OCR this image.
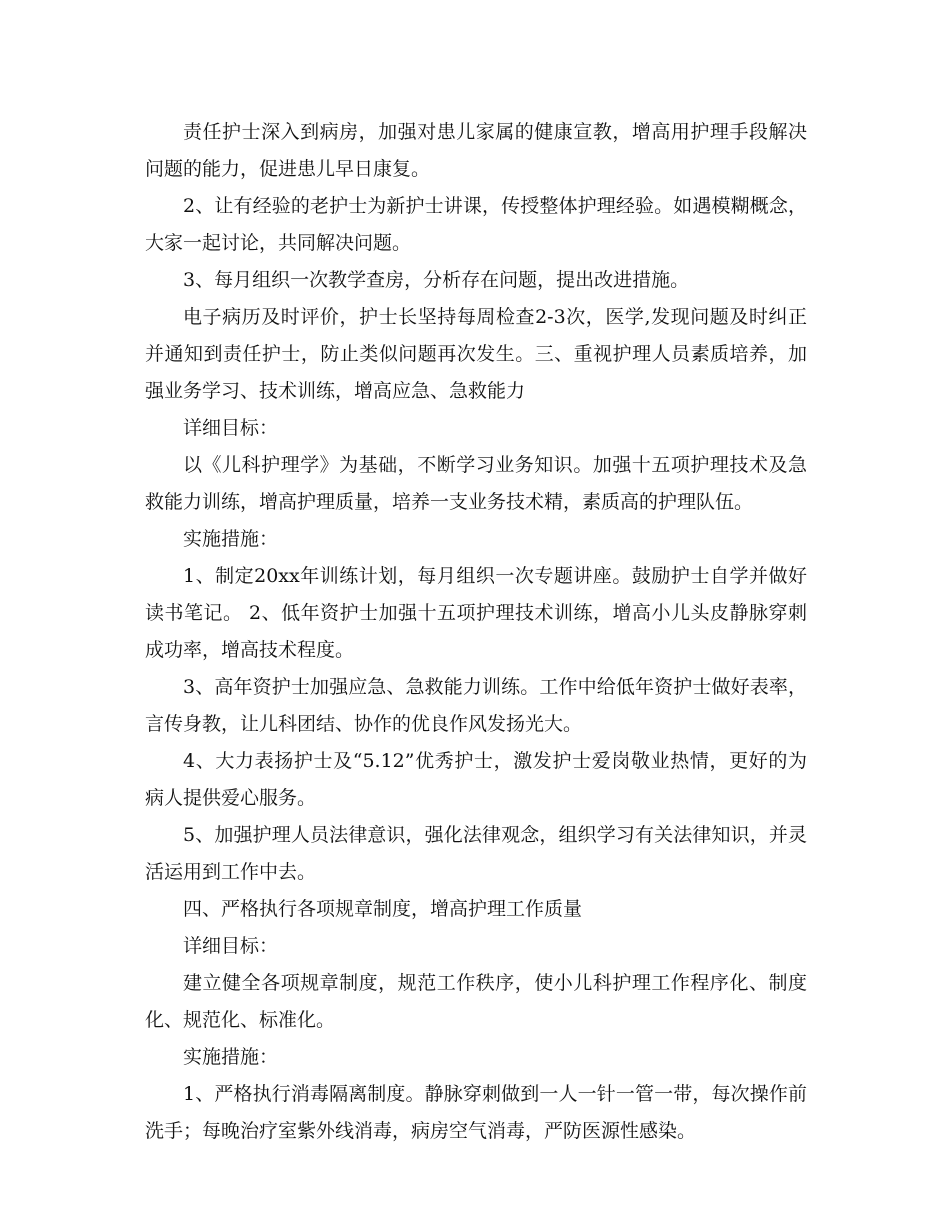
责任护士深入到病房，加强对患儿家属的健康宣教，增高用护理手段解决问题的能力，促进患儿早日康复。

2、让有经验的老护士为新护士讲课，传授整体护理经验。如遇模糊概念，大家一起讨论，共同解决问题。

3、每月组织一次教学查房，分析存在问题，提出改进措施。

电子病历及时评价，护士长坚持每周检查2-3次，医学,发现问题及时纠正并通知到责任护士，防止类似问题再次发生。三、重视护理人员素质培养，加强业务学习、技术训练，增高应急、急救能力

详细目标：

以《儿科护理学》为基础，不断学习业务知识。加强十五项护理技术及急救能力训练，增高护理质量，培养一支业务技术精，素质高的护理队伍。

实施措施：

1、制定20xx年训练计划，每月组织一次专题讲座。鼓励护士自学并做好读书笔记。 2、低年资护士加强十五项护理技术训练，增高小儿头皮静脉穿刺成功率，增高技术程度。

3、高年资护士加强应急、急救能力训练。工作中给低年资护士做好表率，言传身教，让儿科团结、协作的优良作风发扬光大。

4、大力表扬护士及“5.12”优秀护士，激发护士爱岗敬业热情，更好的为病人提供爱心服务。

5、加强护理人员法律意识，强化法律观念，组织学习有关法律知识，并灵活运用到工作中去。

四、严格执行各项规章制度，增高护理工作质量

详细目标：

建立健全各项规章制度，规范工作秩序，使小儿科护理工作程序化、制度化、规范化、标准化。

实施措施：

1、严格执行消毒隔离制度。静脉穿刺做到一人一针一管一带，每次操作前洗手；每晚治疗室紫外线消毒，病房空气消毒，严防医源性感染。
